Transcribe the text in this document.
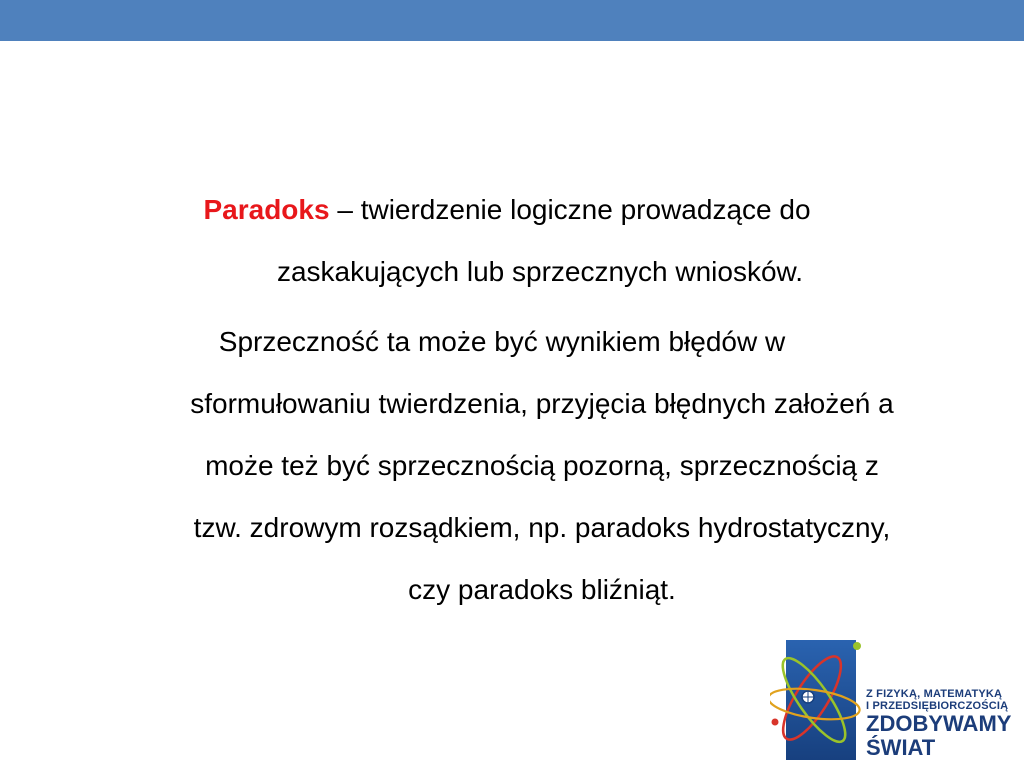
Paradoks – twierdzenie logiczne prowadzące do
zaskakujących lub sprzecznych wniosków.
Sprzeczność ta może być wynikiem błędów w
sformułowaniu twierdzenia, przyjęcia błędnych założeń a
może też być sprzecznością pozorną, sprzecznością z
tzw. zdrowym rozsądkiem, np. paradoks hydrostatyczny,
czy paradoks bliźniąt.
Z FIZYKĄ, MATEMATYKĄ
I PRZEDSIĘBIORCZOŚCIĄ
ZDOBYWAMY
ŚWIAT
